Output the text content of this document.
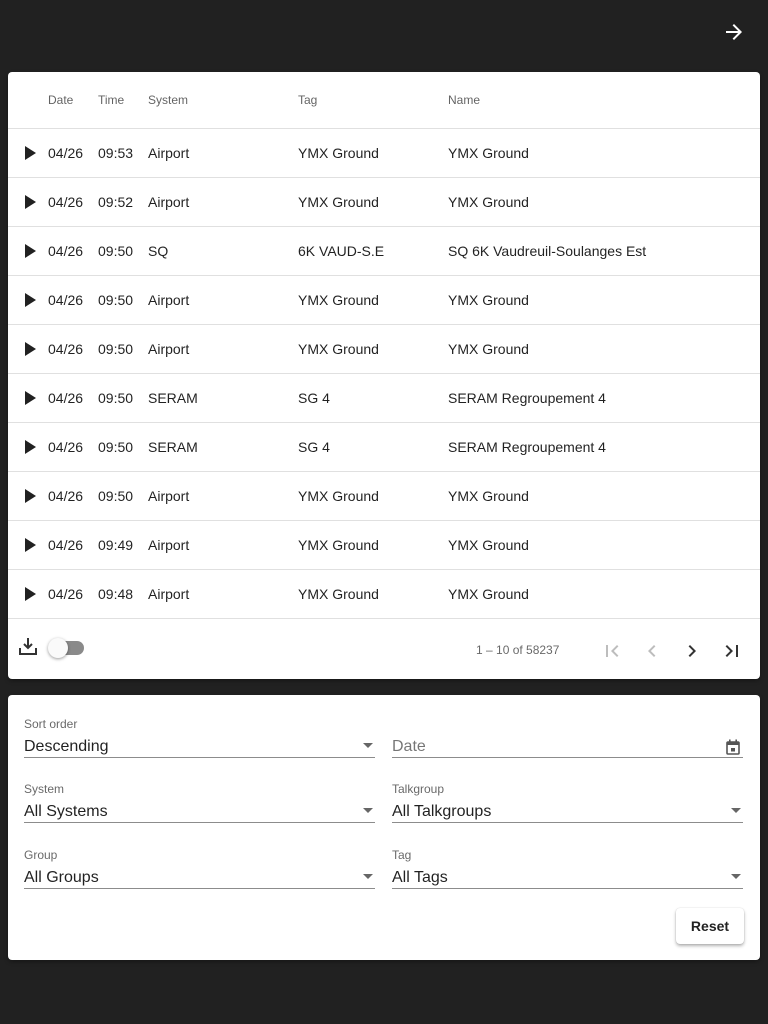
	Date	Time	System	Tag	Name

	04/26	09:53	Airport	YMX Ground	YMX Ground

	04/26	09:52	Airport	YMX Ground	YMX Ground

	04/26	09:50	SQ	6K VAUD-S.E	SQ 6K Vaudreuil-Soulanges Est

	04/26	09:50	Airport	YMX Ground	YMX Ground

	04/26	09:50	Airport	YMX Ground	YMX Ground

	04/26	09:50	SERAM	SG 4	SERAM Regroupement 4

	04/26	09:50	SERAM	SG 4	SERAM Regroupement 4

	04/26	09:50	Airport	YMX Ground	YMX Ground

	04/26	09:49	Airport	YMX Ground	YMX Ground

	04/26	09:48	Airport	YMX Ground	YMX Ground
1 – 10 of 58237
Sort order
Descending	Date
System
All Systems
Talkgroup
All Talkgroups
Group
All Groups
Tag
All Tags
Reset
